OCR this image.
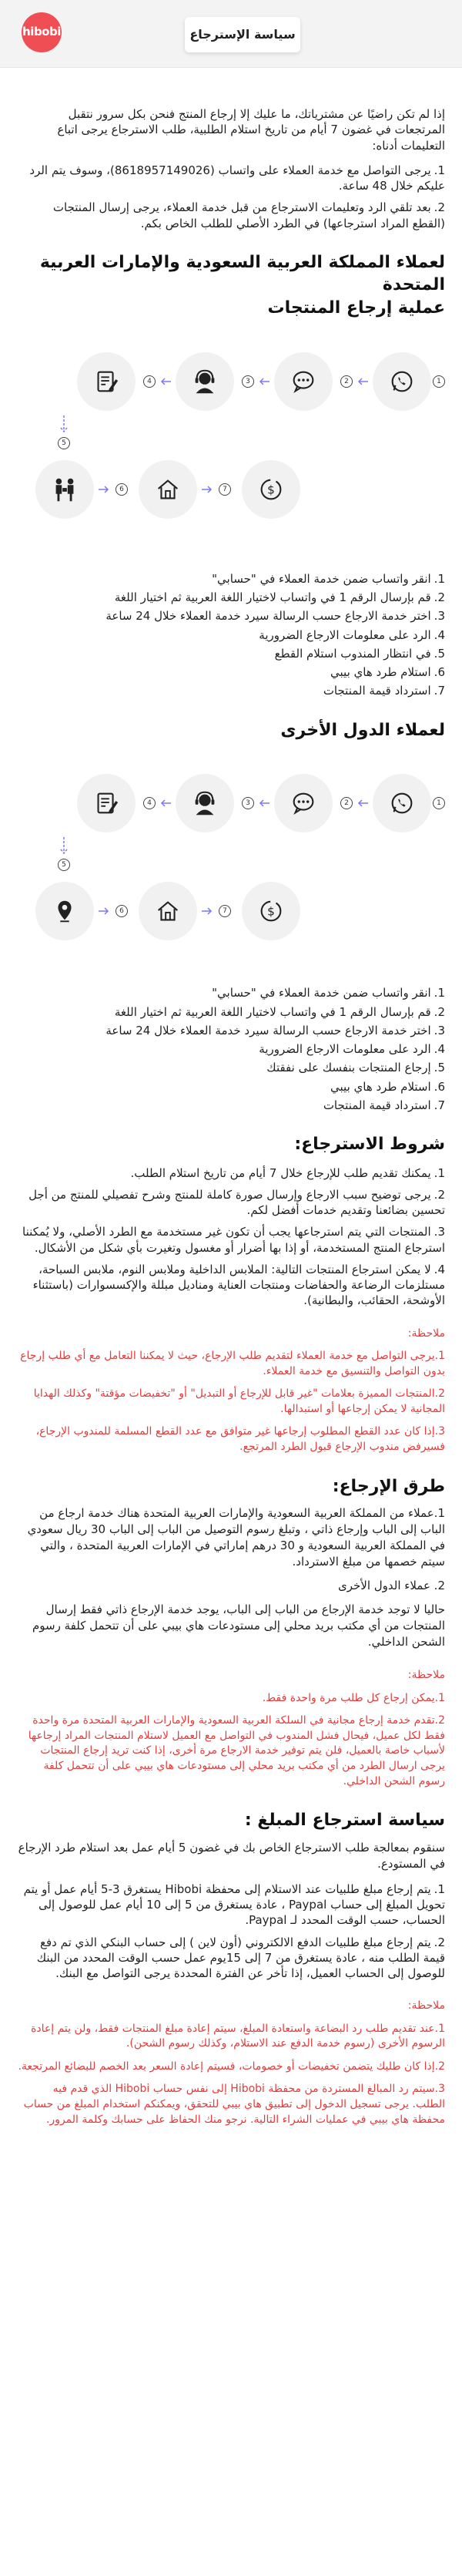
hibobi	سياسة الإسترجاع

إذا لم تكن راضيًا عن مشترياتك، ما عليك إلا إرجاع المنتج فنحن بكل سرور نتقبل المرتجعات في غضون 7 أيام من تاريخ استلام الطلبية، طلب الاسترجاع يرجى اتباع التعليمات أدناه:

1.يرجى التواصل مع خدمة العملاء على واتساب (8618957149026)، وسوف يتم الرد عليكم خلال 48 ساعة.
2.بعد تلقي الرد وتعليمات الاسترجاع من قبل خدمة العملاء، يرجى إرسال المنتجات (القطع المراد استرجاعها) في الطرد الأصلي للطلب الخاص بكم.
لعملاء المملكة العربية السعودية والإمارات العربية المتحدة
عملية إرجاع المنتجات
1
2
3
4
5
6	7	$
1.انقر واتساب ضمن خدمة العملاء في "حسابي"
2.قم بإرسال الرقم 1 في واتساب لاختيار اللغة العربية ثم اختيار اللغة
3.اختر خدمة الارجاع حسب الرسالة سيرد خدمة العملاء خلال 24 ساعة
4.الرد على معلومات الارجاع الضرورية
5.في انتظار المندوب استلام القطع
6.استلام طرد هاي بيبي
7.استرداد قيمة المنتجات
لعملاء الدول الأخرى
1
2
3
4
5
6	7	$
1.انقر واتساب ضمن خدمة العملاء في "حسابي"
2.قم بإرسال الرقم 1 في واتساب لاختيار اللغة العربية ثم اختيار اللغة
3.اختر خدمة الارجاع حسب الرسالة سيرد خدمة العملاء خلال 24 ساعة
4.الرد على معلومات الارجاع الضرورية
5.إرجاع المنتجات بنفسك على نفقتك
6.استلام طرد هاي بيبي
7.استرداد قيمة المنتجات
شروط الاسترجاع:
1.يمكنك تقديم طلب للإرجاع خلال 7 أيام من تاريخ استلام الطلب.
2.يرجى توضيح سبب الارجاع وإرسال صورة كاملة للمنتج وشرح تفصيلي للمنتج من أجل تحسين بضائعنا وتقديم خدمات أفضل لكم.
3.المنتجات التي يتم استرجاعها يجب أن تكون غير مستخدمة مع الطرد الأصلي، ولا يُمكننا استرجاع المنتج المستخدمة، أو إذا بها أضرار أو مغسول وتغيرت بأي شكل من الأشكال.
4.لا يمكن استرجاع المنتجات التالية: الملابس الداخلية وملابس النوم، ملابس السباحة، مستلزمات الرضاعة والحفاضات ومنتجات العناية ومناديل مبللة والإكسسوارات (باستثناء الأوشحة، الحقائب، والبطانية).

ملاحظة:

1.يرجى التواصل مع خدمة العملاء لتقديم طلب الإرجاع، حيث لا يمكننا التعامل مع أي طلب إرجاع بدون التواصل والتنسيق مع خدمة العملاء.
2.المنتجات المميزة بعلامات "غير قابل للإرجاع أو التبديل" أو "تخفيضات مؤقتة" وكذلك الهدايا المجانية لا يمكن إرجاعها أو استبدالها.
3.إذا كان عدد القطع المطلوب إرجاعها غير متوافق مع عدد القطع المسلمة للمندوب الإرجاع، فسيرفض مندوب الإرجاع قبول الطرد المرتجع.
طرق الإرجاع:

1.عملاء من المملكة العربية السعودية والإمارات العربية المتحدة هناك خدمة ارجاع من الباب إلى الباب وإرجاع ذاتي ، وتبلغ رسوم التوصيل من الباب إلى الباب 30 ريال سعودي في المملكة العربية السعودية و 30 درهم إماراتي في الإمارات العربية المتحدة ، والتي سيتم خصمها من مبلغ الاسترداد.

2. عملاء الدول الأخرى

حاليا لا توجد خدمة الإرجاع من الباب إلى الباب، يوجد خدمة الإرجاع ذاتي فقط إرسال المنتجات من أي مكتب بريد محلي إلى مستودعات هاي بيبي على أن تتحمل كلفة رسوم الشحن الداخلي.

ملاحظة:

1.يمكن إرجاع كل طلب مرة واحدة فقط.
2.تقدم خدمة إرجاع مجانية في السلكة العربية السعودية والإمارات العربية المتحدة مرة واحدة فقط لكل عميل، فيحال فشل المندوب في التواصل مع العميل لاستلام المنتجات المراد إرجاعها لأسباب خاصة بالعميل، فلن يتم توفير خدمة الارجاع مرة أخرى، إذا كنت تريد إرجاع المنتجات يرجى ارسال الطرد من أي مكتب بريد محلي إلى مستودعات هاي بيبي على أن تتحمل كلفة رسوم الشحن الداخلي.
سياسة استرجاع المبلغ :

سنقوم بمعالجة طلب الاسترجاع الخاص بك في غضون 5 أيام عمل بعد استلام طرد الإرجاع في المستودع.

1.يتم إرجاع مبلغ طلبيات عند الاستلام إلى محفظة Hibobi يستغرق 3-5 أيام عمل أو يتم تحويل المبلغ إلى حساب Paypal ، عادة يستغرق من 5 إلى 10 أيام عمل للوصول إلى الحساب، حسب الوقت المحدد لـ Paypal.
2.يتم إرجاع مبلغ طلبيات الدفع الالكتروني (أون لاين ) إلى حساب البنكي الذي تم دفع قيمة الطلب منه ، عادة يستغرق من 7 إلى 15يوم عمل حسب الوقت المحدد من البنك للوصول إلى الحساب العميل، إذا تأخر عن الفترة المحددة يرجى التواصل مع البنك.

ملاحظة:

1.عند تقديم طلب رد البضاعة واستعادة المبلغ، سيتم إعادة مبلغ المنتجات فقط، ولن يتم إعادة الرسوم الأخرى (رسوم خدمة الدفع عند الاستلام، وكذلك رسوم الشحن).
2.إذا كان طلبك يتضمن تخفيضات أو خصومات، فسيتم إعادة السعر بعد الخصم للبضائع المرتجعة.
3.سيتم رد المبالغ المستردة من محفظة Hibobi إلى نفس حساب Hibobi الذي قدم فيه الطلب. يرجى تسجيل الدخول إلى تطبيق هاي بيبي للتحقق، ويمكنكم استخدام المبلغ من حساب محفظة هاي بيبي في عمليات الشراء التالية. نرجو منك الحفاظ على حسابك وكلمة المرور.
